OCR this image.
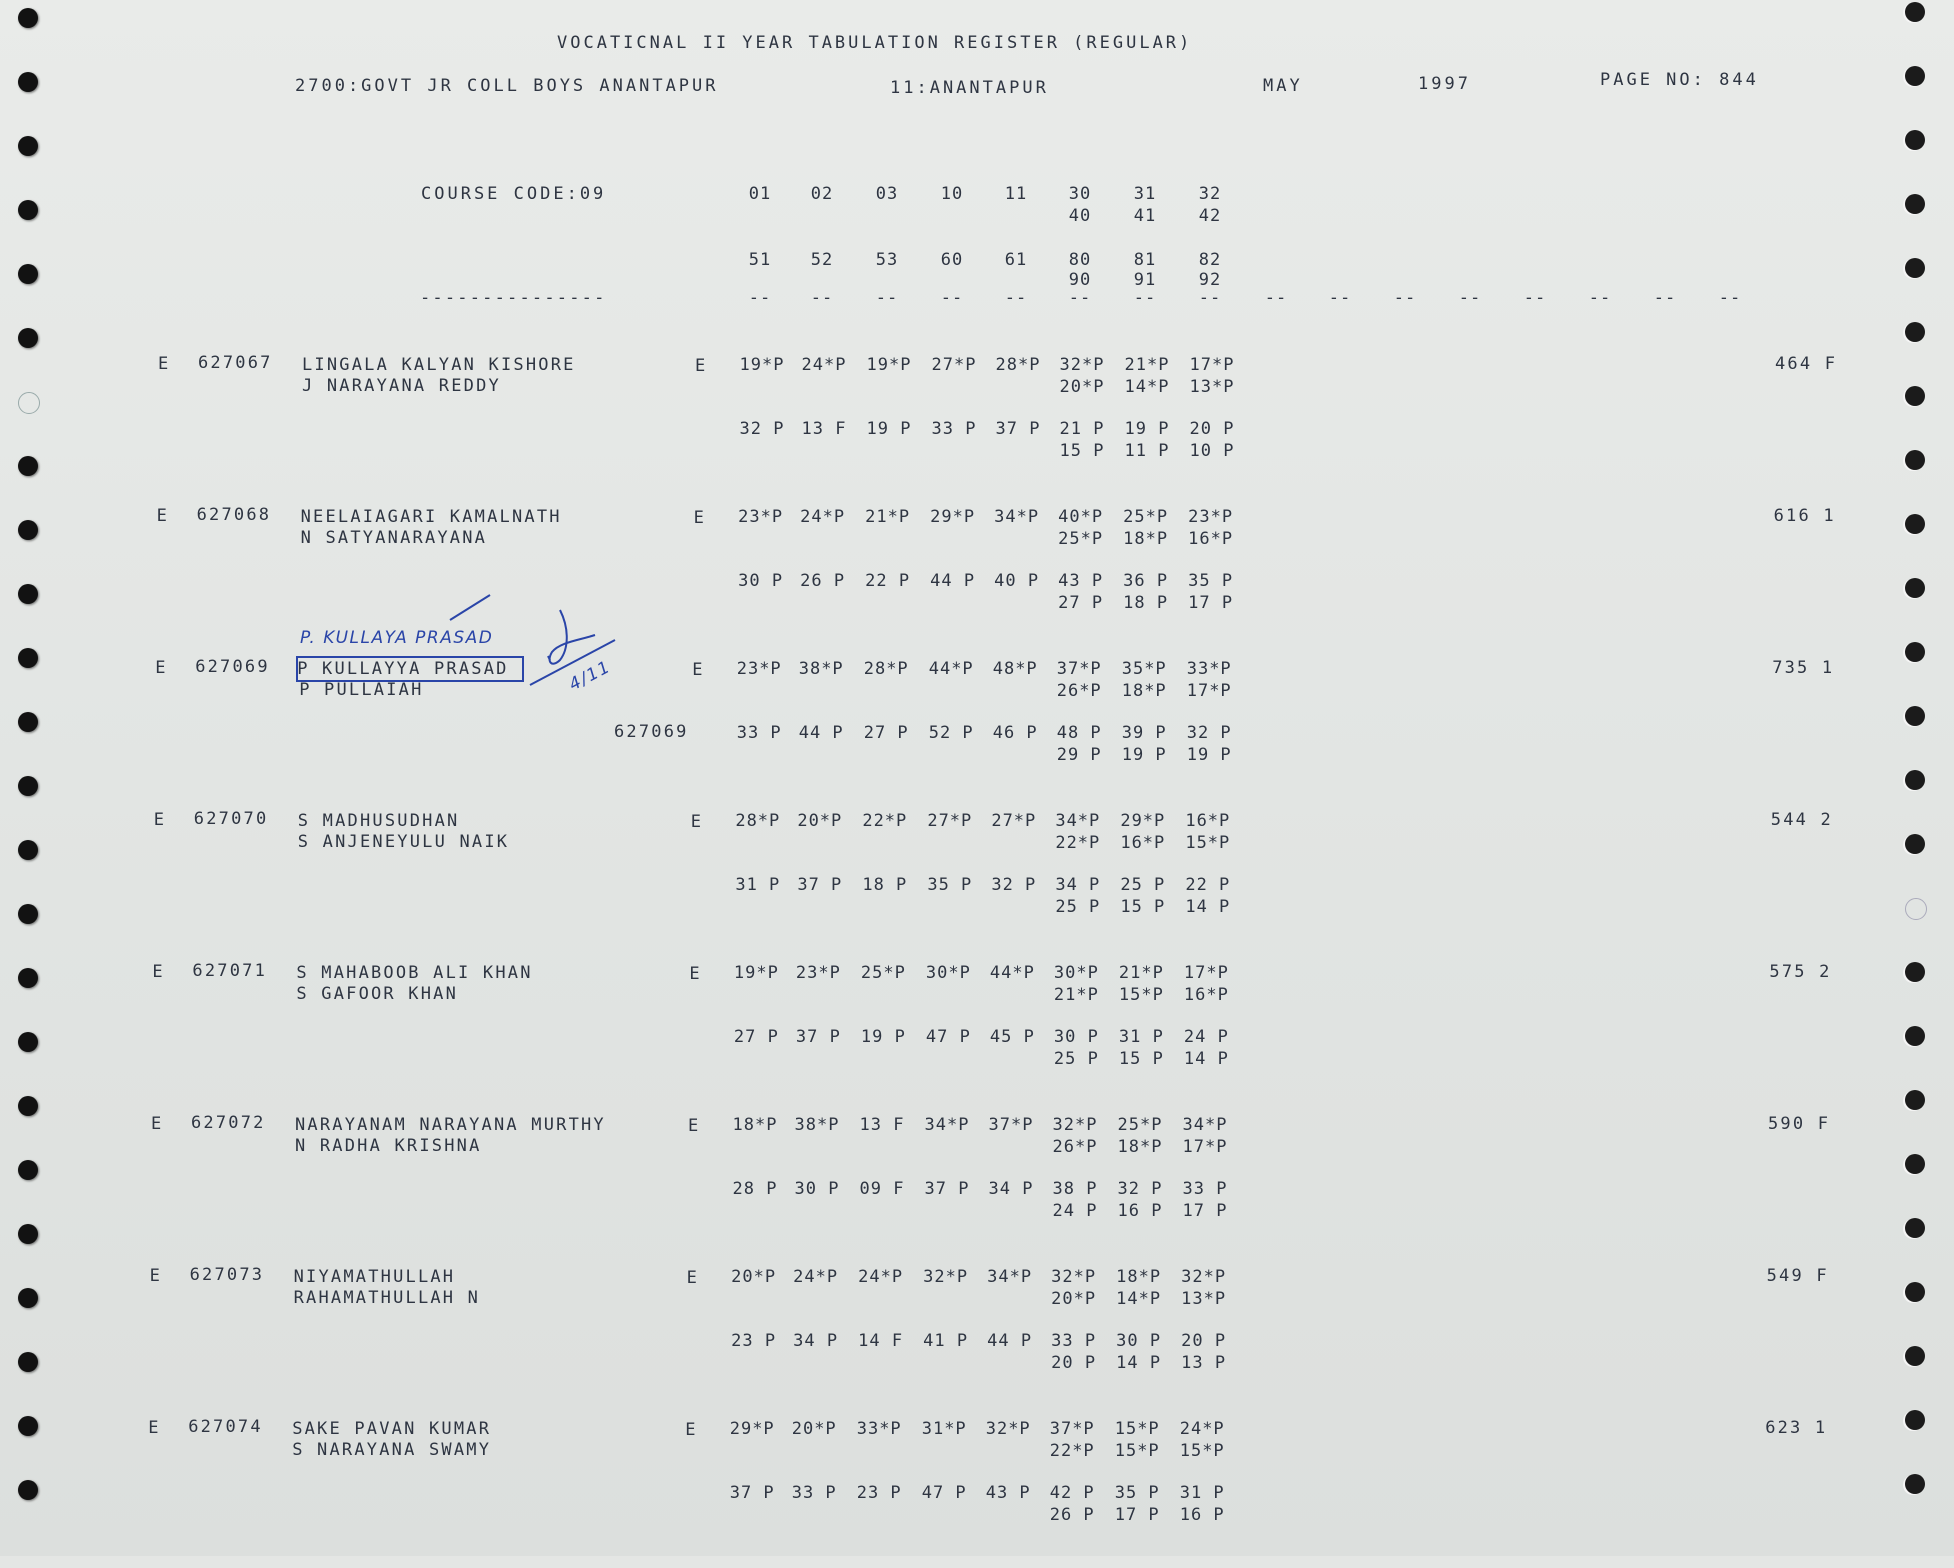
VOCATICNAL II YEAR TABULATION REGISTER (REGULAR)
2700:GOVT JR COLL BOYS ANANTAPUR	11:ANANTAPUR	MAY	1997	PAGE NO: 844
COURSE CODE:09
---------------
01	02	03	10	11	30	31	32
40	41	42
51	52	53	60	61	80	81	82
90	91	92
-- --	--	-- -- --	--	--	-- --	--	--	--	--	--	--
E 627067 LINGALA KALYAN KISHORE
J NARAYANA REDDY
E	19*P	24*P	19*P	27*P	28*P	32*P	21*P	17*P
20*P	14*P	13*P
32 P	13 F	19 P	33 P	37 P	21 P	19 P	20 P
15 P	11 P	10 P
464 F
E 627068 NEELAIAGARI KAMALNATH
N SATYANARAYANA
E	23*P	24*P	21*P	29*P	34*P	40*P	25*P	23*P
25*P	18*P	16*P
30 P	26 P	22 P	44 P	40 P	43 P	36 P	35 P
27 P	18 P	17 P
616 1
E 627069 P KULLAYYA PRASAD
P PULLAIAH
E	23*P	38*P	28*P	44*P	48*P	37*P	35*P	33*P
26*P	18*P	17*P
33 P	44 P	27 P	52 P	46 P	48 P	39 P	32 P
29 P	19 P	19 P
735 1
E 627070 S MADHUSUDHAN
S ANJENEYULU NAIK
E	28*P	20*P	22*P	27*P	27*P	34*P	29*P	16*P
22*P	16*P	15*P
31 P	37 P	18 P	35 P	32 P	34 P	25 P	22 P
25 P	15 P	14 P
544 2
E 627071 S MAHABOOB ALI KHAN
S GAFOOR KHAN
E	19*P	23*P	25*P	30*P	44*P	30*P	21*P	17*P
21*P	15*P	16*P
27 P	37 P	19 P	47 P	45 P	30 P	31 P	24 P
25 P	15 P	14 P
575 2
E 627072 NARAYANAM NARAYANA MURTHY
N RADHA KRISHNA
E	18*P	38*P	13 F	34*P	37*P	32*P	25*P	34*P
26*P	18*P	17*P
28 P	30 P	09 F	37 P	34 P	38 P	32 P	33 P
24 P	16 P	17 P
590 F
E 627073 NIYAMATHULLAH
RAHAMATHULLAH N
E	20*P	24*P	24*P	32*P	34*P	32*P	18*P	32*P
20*P	14*P	13*P
23 P	34 P	14 F	41 P	44 P	33 P	30 P	20 P
20 P	14 P	13 P
549 F
E 627074 SAKE PAVAN KUMAR
S NARAYANA SWAMY
E	29*P	20*P	33*P	31*P	32*P	37*P	15*P	24*P
22*P	15*P	15*P
37 P	33 P	23 P	47 P	43 P	42 P	35 P	31 P
26 P	17 P	16 P
623 1
P. KULLAYA PRASAD
4/11
627069
